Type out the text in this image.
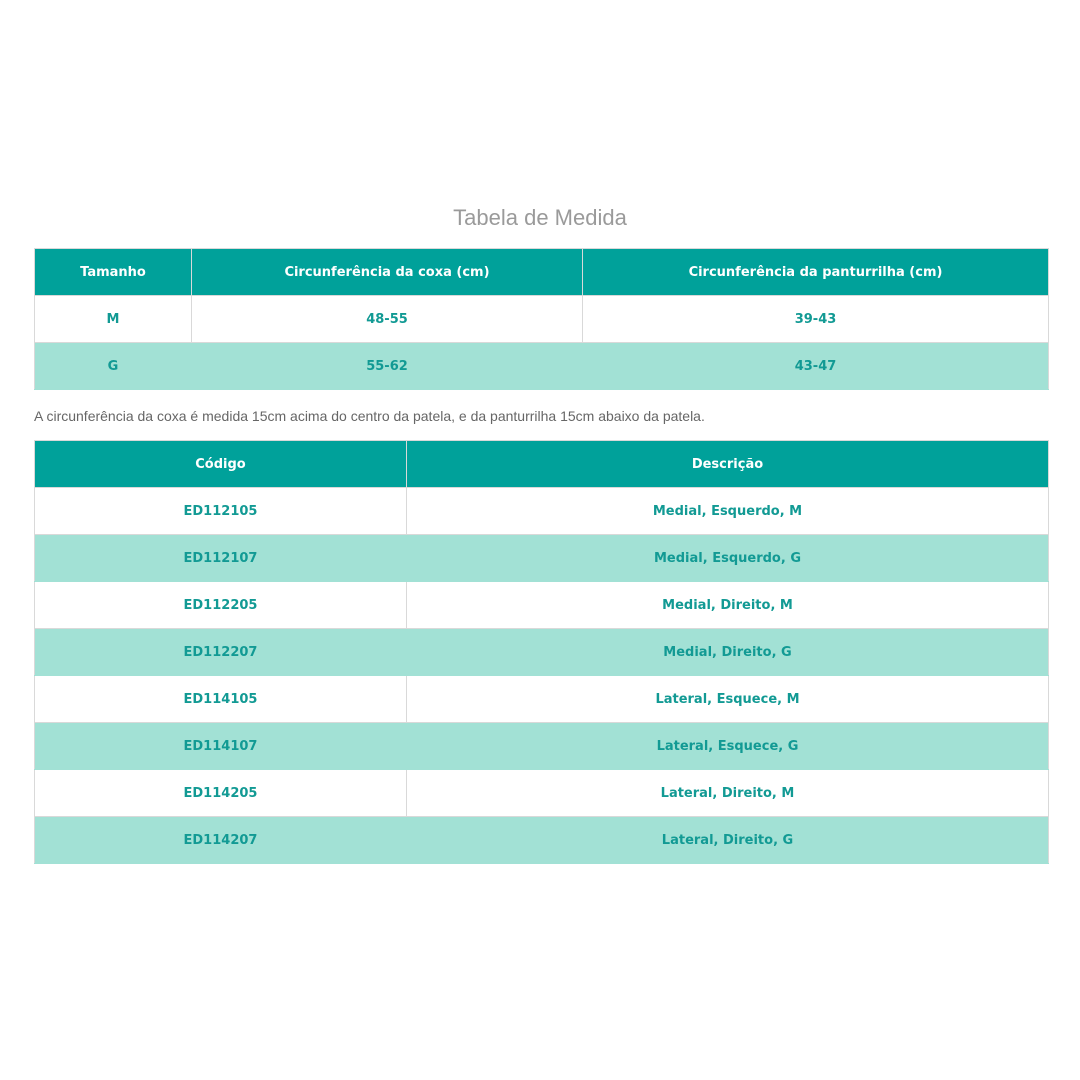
Tabela de Medida
Tamanho	Circunferência da coxa (cm)	Circunferência da panturrilha (cm)
M	48-55	39-43
G	55-62	43-47

A circunferência da coxa é medida 15cm acima do centro da patela, e da panturrilha 15cm abaixo da patela.

Código	Descrição
ED112105	Medial, Esquerdo, M
ED112107	Medial, Esquerdo, G
ED112205	Medial, Direito, M
ED112207	Medial, Direito, G
ED114105	Lateral, Esquece, M
ED114107	Lateral, Esquece, G
ED114205	Lateral, Direito, M
ED114207	Lateral, Direito, G
